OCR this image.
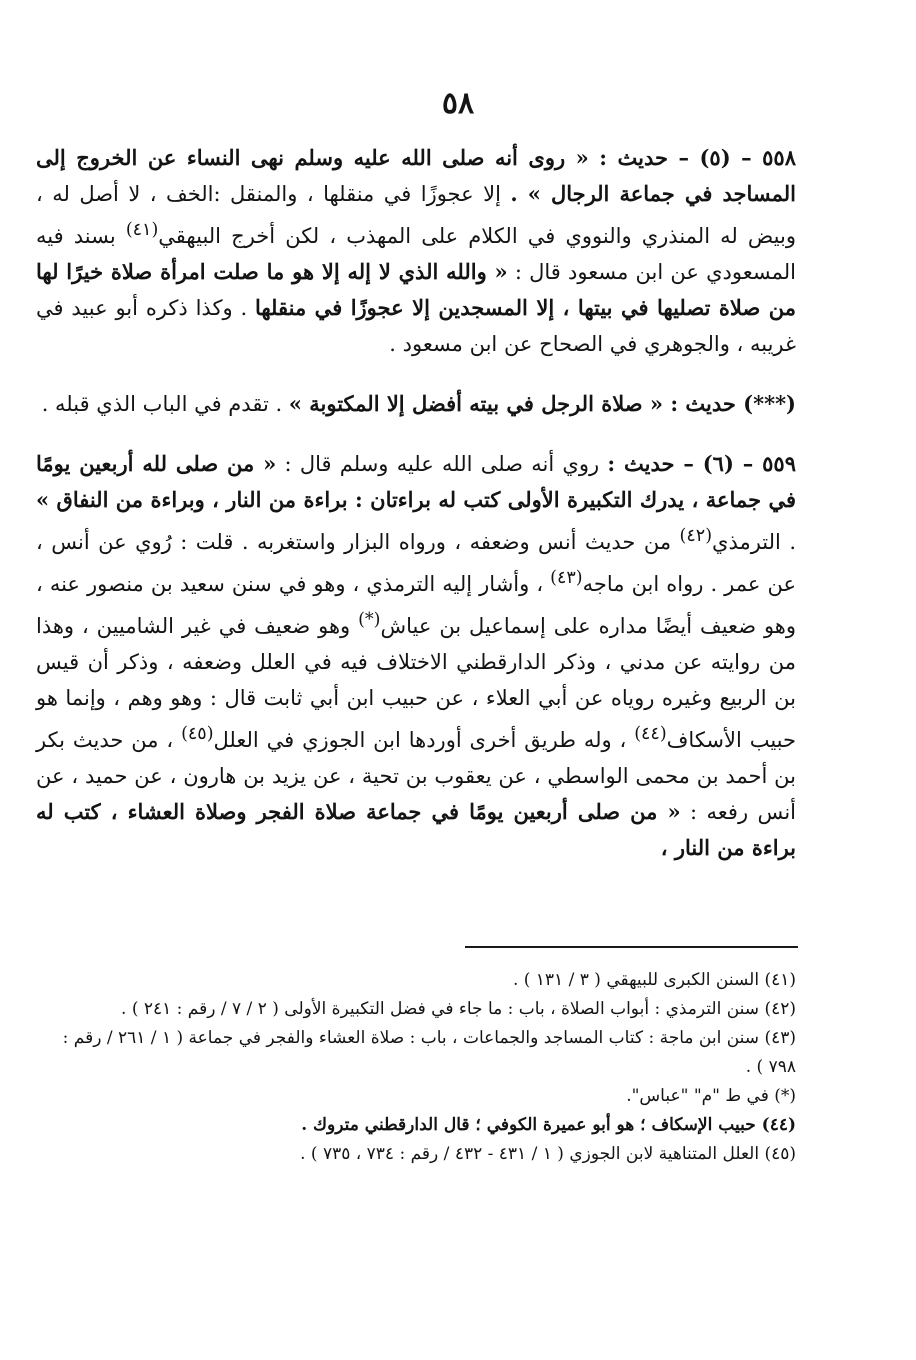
٥٨

٥٥٨ – (٥) – حديث : « روى أنه صلى الله عليه وسلم نهى النساء عن الخروج إلى المساجد في جماعة الرجال » . إلا عجوزًا في منقلها ، والمنقل :الخف ، لا أصل له ، وبيض له المنذري والنووي في الكلام على المهذب ، لكن أخرج البيهقي$^{(٤١)}$ بسند فيه المسعودي عن ابن مسعود قال : « والله الذي لا إله إلا هو ما صلت امرأة صلاة خيرًا لها من صلاة تصليها في بيتها ، إلا المسجدين إلا عجوزًا في منقلها . وكذا ذكره أبو عبيد في غريبه ، والجوهري في الصحاح عن ابن مسعود .

(***) حديث : « صلاة الرجل في بيته أفضل إلا المكتوبة » . تقدم في الباب الذي قبله .

٥٥٩ – (٦) – حديث : روي أنه صلى الله عليه وسلم قال : « من صلى لله أربعين يومًا في جماعة ، يدرك التكبيرة الأولى كتب له براءتان : براءة من النار ، وبراءة من النفاق » . الترمذي$^{(٤٢)}$ من حديث أنس وضعفه ، ورواه البزار واستغربه . قلت : رُوي عن أنس ، عن عمر . رواه ابن ماجه$^{(٤٣)}$ ، وأشار إليه الترمذي ، وهو في سنن سعيد بن منصور عنه ، وهو ضعيف أيضًا مداره على إسماعيل بن عياش(*) وهو ضعيف في غير الشاميين ، وهذا من روايته عن مدني ، وذكر الدارقطني الاختلاف فيه في العلل وضعفه ، وذكر أن قيس بن الربيع وغيره روياه عن أبي العلاء ، عن حبيب ابن أبي ثابت قال : وهو وهم ، وإنما هو حبيب الأسكاف$^{(٤٤)}$ ، وله طريق أخرى أوردها ابن الجوزي في العلل$^{(٤٥)}$ ، من حديث بكر بن أحمد بن محمى الواسطي ، عن يعقوب بن تحية ، عن يزيد بن هارون ، عن حميد ، عن أنس رفعه : « من صلى أربعين يومًا في جماعة صلاة الفجر وصلاة العشاء ، كتب له براءة من النار ،

(٤١) السنن الكبرى للبيهقي ( ٣ / ١٣١ ) .

(٤٢) سنن الترمذي : أبواب الصلاة ، باب : ما جاء في فضل التكبيرة الأولى ( ٢ / ٧ / رقم : ٢٤١ ) .

(٤٣) سنن ابن ماجة : كتاب المساجد والجماعات ، باب : صلاة العشاء والفجر في جماعة ( ١ / ٢٦١ / رقم : ٧٩٨ ) .

(*) في ط "م" "عباس".

(٤٤) حبيب الإسكاف ؛ هو أبو عميرة الكوفي ؛ قال الدارقطني متروك .

(٤٥) العلل المتناهية لابن الجوزي ( ١ / ٤٣١ - ٤٣٢ / رقم : ٧٣٤ ، ٧٣٥ ) .
